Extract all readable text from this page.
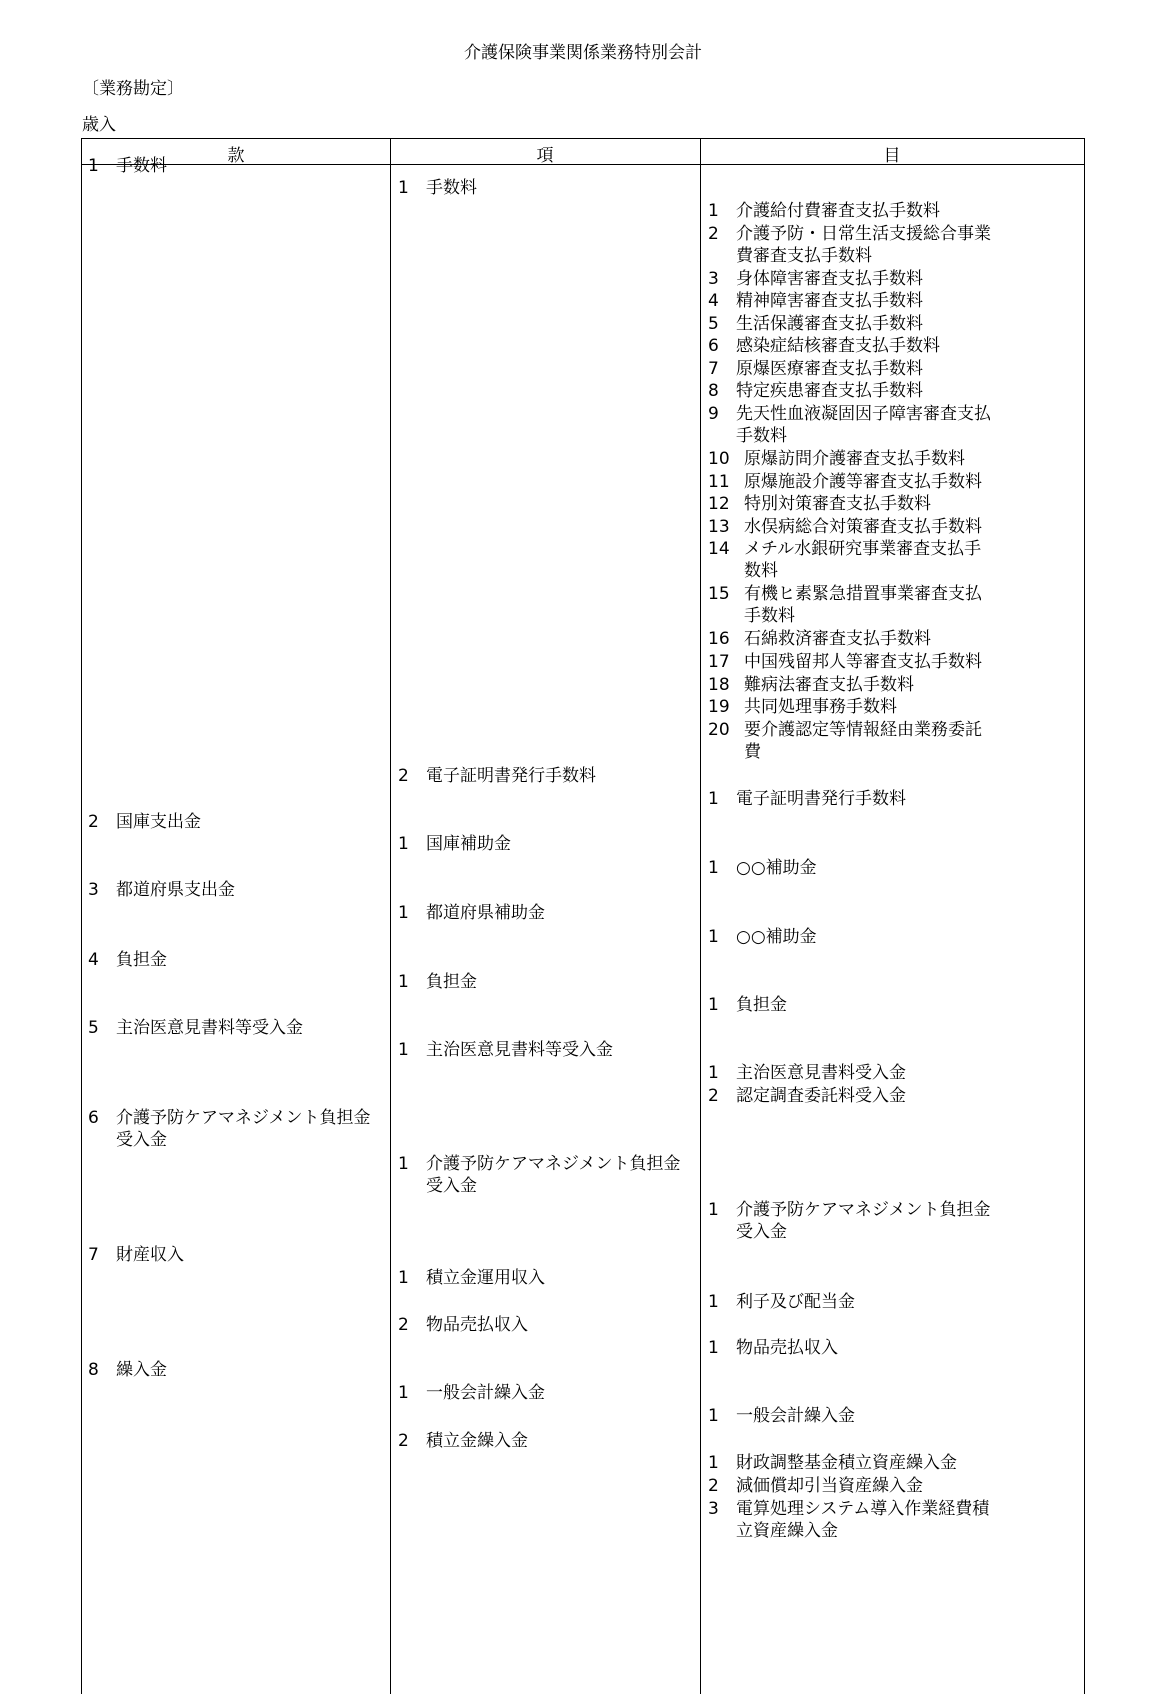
介護保険事業関係業務特別会計
〔業務勘定〕
歳入
款	項	目
1 手数料
2 国庫支出金
3 都道府県支出金
4 負担金
5 主治医意見書料等受入金
6 介護予防ケアマネジメント負担金
受入金
7 財産収入
8 繰入金
1 手数料
2 電子証明書発行手数料
1 国庫補助金
1 都道府県補助金
1 負担金
1 主治医意見書料等受入金
1 介護予防ケアマネジメント負担金
受入金
1 積立金運用収入
2 物品売払収入
1 一般会計繰入金
2 積立金繰入金
1 介護給付費審査支払手数料
2 介護予防・日常生活支援総合事業
費審査支払手数料
3 身体障害審査支払手数料
4 精神障害審査支払手数料
5 生活保護審査支払手数料
6 感染症結核審査支払手数料
7 原爆医療審査支払手数料
8 特定疾患審査支払手数料
9 先天性血液凝固因子障害審査支払
手数料
10 原爆訪問介護審査支払手数料
11 原爆施設介護等審査支払手数料
12 特別対策審査支払手数料
13 水俣病総合対策審査支払手数料
14 メチル水銀研究事業審査支払手
数料
15 有機ヒ素緊急措置事業審査支払
手数料
16 石綿救済審査支払手数料
17 中国残留邦人等審査支払手数料
18 難病法審査支払手数料
19 共同処理事務手数料
20 要介護認定等情報経由業務委託
費
1 電子証明書発行手数料
1 ○○補助金
1 ○○補助金
1 負担金
1 主治医意見書料受入金
2 認定調査委託料受入金
1 介護予防ケアマネジメント負担金
受入金
1 利子及び配当金
1 物品売払収入
1 一般会計繰入金
1 財政調整基金積立資産繰入金
2 減価償却引当資産繰入金
3 電算処理システム導入作業経費積
立資産繰入金
